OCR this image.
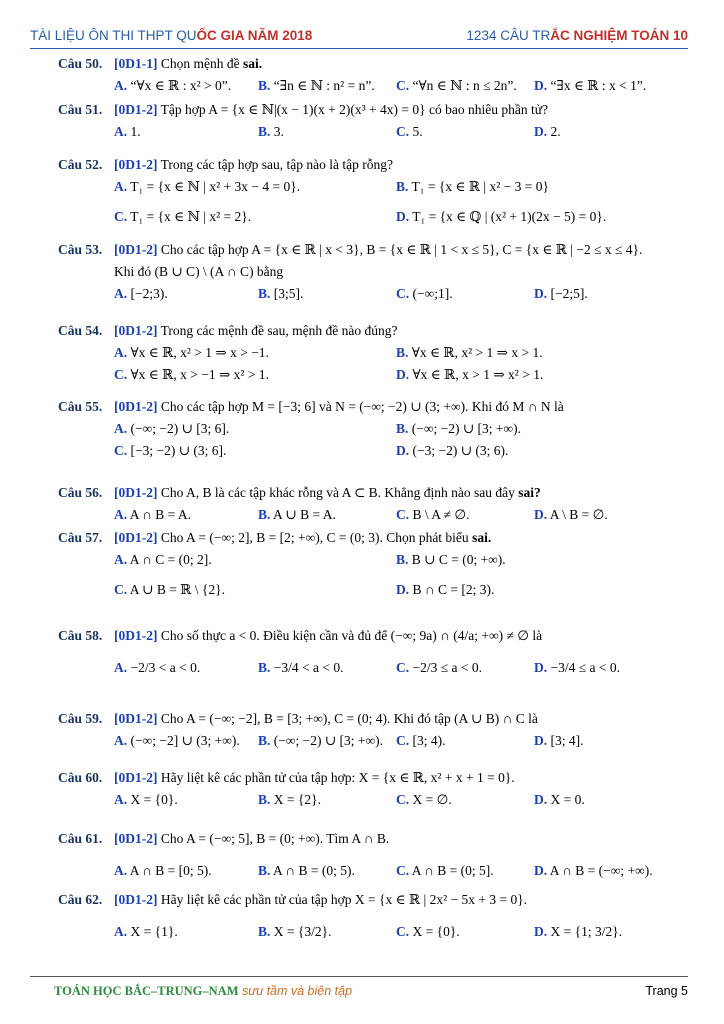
TÀI LIỆU ÔN THI THPT QUỐC GIA NĂM 2018	1234 CÂU TRẮC NGHIỆM TOÁN 10
Câu 50. [0D1-1] Chọn mệnh đề sai.
A. “∀x ∈ ℝ : x² > 0”. B. “∃n ∈ ℕ : n² = n”. C. “∀n ∈ ℕ : n ≤ 2n”. D. “∃x ∈ ℝ : x < 1”.
Câu 51. [0D1-2] Tập hợp A = {x ∈ ℕ|(x − 1)(x + 2)(x³ + 4x) = 0} có bao nhiêu phần tử?
A. 1.	B. 3.	C. 5.	D. 2.
Câu 52. [0D1-2] Trong các tập hợp sau, tập nào là tập rỗng?
A. T₁ = {x ∈ ℕ | x² + 3x − 4 = 0}.	B. T₁ = {x ∈ ℝ | x² − 3 = 0}
C. T₁ = {x ∈ ℕ | x² = 2}.	D. T₁ = {x ∈ ℚ | (x² + 1)(2x − 5) = 0}.
Câu 53. [0D1-2] Cho các tập hợp A = {x ∈ ℝ | x < 3}, B = {x ∈ ℝ | 1 < x ≤ 5}, C = {x ∈ ℝ | −2 ≤ x ≤ 4}.
Khi đó (B ∪ C) \ (A ∩ C) bằng
A. [−2;3).	B. [3;5].	C. (−∞;1].	D. [−2;5].
Câu 54. [0D1-2] Trong các mệnh đề sau, mệnh đề nào đúng?
A. ∀x ∈ ℝ, x² > 1 ⇒ x > −1.	B. ∀x ∈ ℝ, x² > 1 ⇒ x > 1.
C. ∀x ∈ ℝ, x > −1 ⇒ x² > 1.	D. ∀x ∈ ℝ, x > 1 ⇒ x² > 1.
Câu 55. [0D1-2] Cho các tập hợp M = [−3; 6] và N = (−∞; −2) ∪ (3; +∞). Khi đó M ∩ N là
A. (−∞; −2) ∪ [3; 6].	B. (−∞; −2) ∪ [3; +∞).
C. [−3; −2) ∪ (3; 6].	D. (−3; −2) ∪ (3; 6).
Câu 56. [0D1-2] Cho A, B là các tập khác rỗng và A ⊂ B. Khẳng định nào sau đây sai?
A. A ∩ B = A.	B. A ∪ B = A.	C. B \ A ≠ ∅.	D. A \ B = ∅.
Câu 57. [0D1-2] Cho A = (−∞; 2], B = [2; +∞), C = (0; 3). Chọn phát biểu sai.
A. A ∩ C = (0; 2].	B. B ∪ C = (0; +∞).
C. A ∪ B = ℝ \ {2}.	D. B ∩ C = [2; 3).
Câu 58. [0D1-2] Cho số thực a < 0. Điều kiện cần và đủ để (−∞; 9a) ∩ (4/a; +∞) ≠ ∅ là
A. −2/3 < a < 0.	B. −3/4 < a < 0.	C. −2/3 ≤ a < 0.	D. −3/4 ≤ a < 0.
Câu 59. [0D1-2] Cho A = (−∞; −2], B = [3; +∞), C = (0; 4). Khi đó tập (A ∪ B) ∩ C là
A. (−∞; −2] ∪ (3; +∞). B. (−∞; −2) ∪ [3; +∞). C. [3; 4).	D. [3; 4].
Câu 60. [0D1-2] Hãy liệt kê các phần tử của tập hợp: X = {x ∈ ℝ, x² + x + 1 = 0}.
A. X = {0}.	B. X = {2}.	C. X = ∅.	D. X = 0.
Câu 61. [0D1-2] Cho A = (−∞; 5], B = (0; +∞). Tìm A ∩ B.
A. A ∩ B = [0; 5).	B. A ∩ B = (0; 5).	C. A ∩ B = (0; 5].	D. A ∩ B = (−∞; +∞).
Câu 62. [0D1-2] Hãy liệt kê các phần tử của tập hợp X = {x ∈ ℝ | 2x² − 5x + 3 = 0}.
A. X = {1}.	B. X = {3/2}.	C. X = {0}.	D. X = {1; 3/2}.
TOÁN HỌC BẮC–TRUNG–NAM sưu tầm và biên tập	Trang 5
